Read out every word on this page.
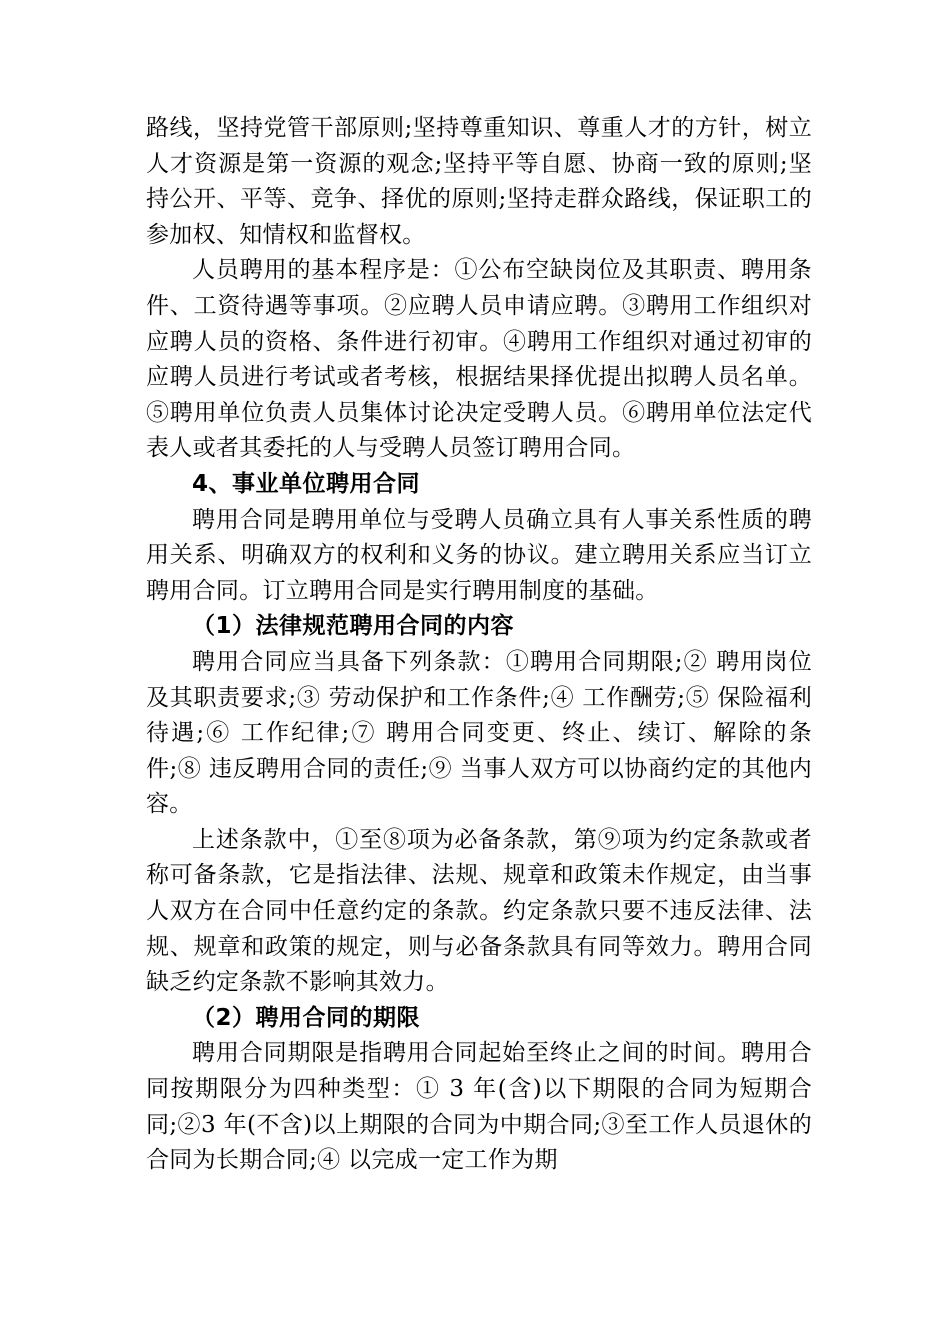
路线，坚持党管干部原则;坚持尊重知识、尊重人才的方针，树立人才资源是第一资源的观念;坚持平等自愿、协商一致的原则;坚持公开、平等、竞争、择优的原则;坚持走群众路线，保证职工的参加权、知情权和监督权。

人员聘用的基本程序是：①公布空缺岗位及其职责、聘用条件、工资待遇等事项。②应聘人员申请应聘。③聘用工作组织对应聘人员的资格、条件进行初审。④聘用工作组织对通过初审的应聘人员进行考试或者考核，根据结果择优提出拟聘人员名单。⑤聘用单位负责人员集体讨论决定受聘人员。⑥聘用单位法定代表人或者其委托的人与受聘人员签订聘用合同。

4、事业单位聘用合同

聘用合同是聘用单位与受聘人员确立具有人事关系性质的聘用关系、明确双方的权利和义务的协议。建立聘用关系应当订立聘用合同。订立聘用合同是实行聘用制度的基础。

（1）法律规范聘用合同的内容

聘用合同应当具备下列条款：①聘用合同期限;② 聘用岗位及其职责要求;③ 劳动保护和工作条件;④ 工作酬劳;⑤ 保险福利待遇;⑥ 工作纪律;⑦ 聘用合同变更、终止、续订、解除的条件;⑧ 违反聘用合同的责任;⑨ 当事人双方可以协商约定的其他内容。

上述条款中，①至⑧项为必备条款，第⑨项为约定条款或者称可备条款，它是指法律、法规、规章和政策未作规定，由当事人双方在合同中任意约定的条款。约定条款只要不违反法律、法规、规章和政策的规定，则与必备条款具有同等效力。聘用合同缺乏约定条款不影响其效力。

（2）聘用合同的期限

聘用合同期限是指聘用合同起始至终止之间的时间。聘用合同按期限分为四种类型：① 3 年(含)以下期限的合同为短期合同;②3 年(不含)以上期限的合同为中期合同;③至工作人员退休的合同为长期合同;④ 以完成一定工作为期
